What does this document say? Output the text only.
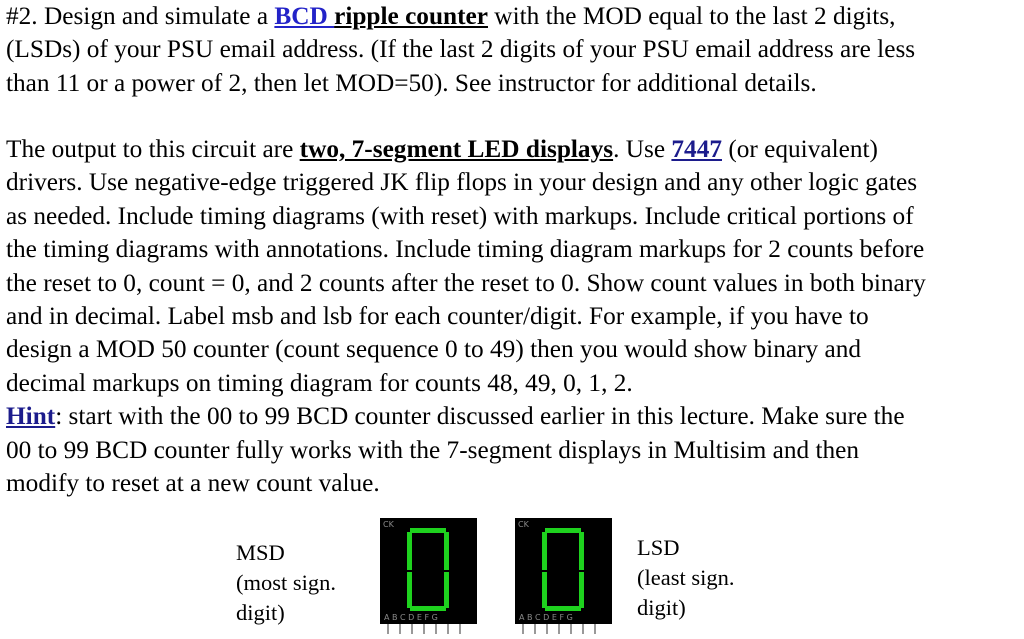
#2. Design and simulate a BCD ripple counter with the MOD equal to the last 2 digits,
(LSDs) of your PSU email address. (If the last 2 digits of your PSU email address are less
than 11 or a power of 2, then let MOD=50). See instructor for additional details.
The output to this circuit are two, 7-segment LED displays. Use 7447 (or equivalent)
drivers. Use negative-edge triggered JK flip flops in your design and any other logic gates
as needed. Include timing diagrams (with reset) with markups. Include critical portions of
the timing diagrams with annotations. Include timing diagram markups for 2 counts before
the reset to 0, count = 0, and 2 counts after the reset to 0. Show count values in both binary
and in decimal. Label msb and lsb for each counter/digit. For example, if you have to
design a MOD 50 counter (count sequence 0 to 49) then you would show binary and
decimal markups on timing diagram for counts 48, 49, 0, 1, 2.
Hint: start with the 00 to 99 BCD counter discussed earlier in this lecture. Make sure the
00 to 99 BCD counter fully works with the 7-segment displays in Multisim and then
modify to reset at a new count value.
MSD
(most sign.
digit)
CK
A B C D E F G
CK
A B C D E F G
LSD
(least sign.
digit)
